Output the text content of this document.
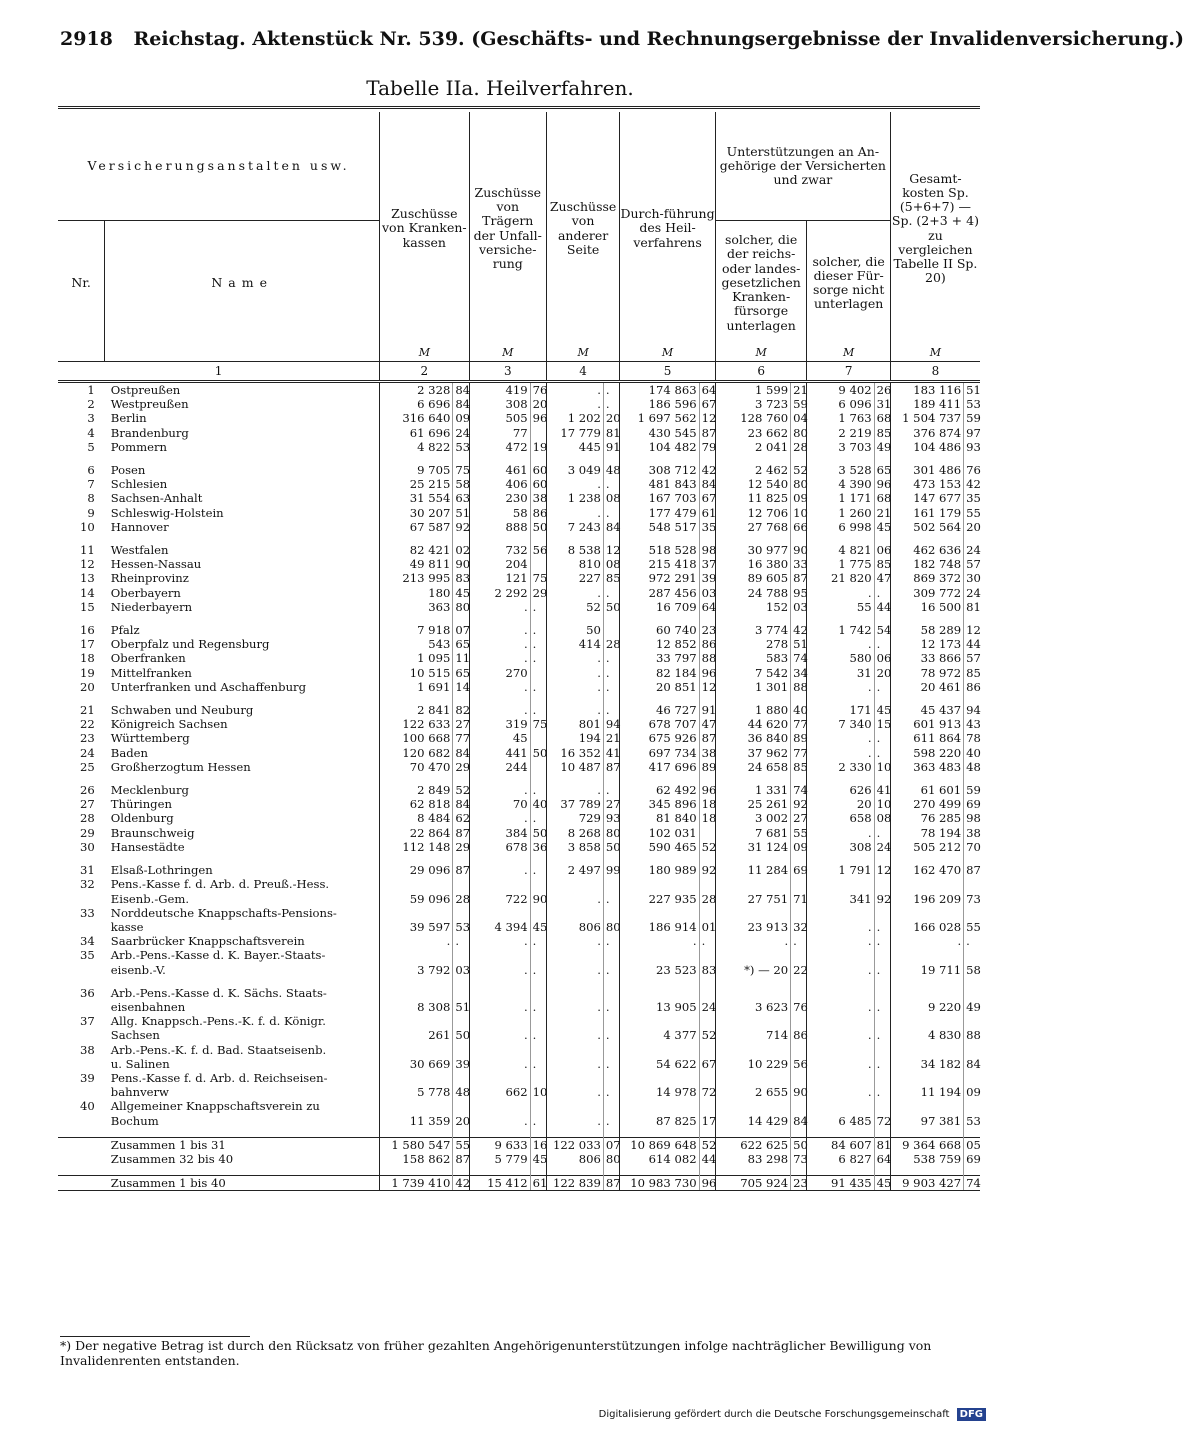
2918 Reichstag. Aktenstück Nr. 539. (Geschäfts- und Rechnungsergebnisse der Invalidenversicherung.)
Tabelle IIa. Heilverfahren.

Versicherungsanstalten usw.		Zuschüsse von Kranken-kassen		Zuschüsse von Trägern der Unfall-versiche-rung		Zuschüsse von anderer Seite		Durch-führung des Heil-verfahrens		Unterstützungen an An-gehörige der Versicherten und zwar				Gesamt-kosten Sp.(5+6+7) — Sp. (2+3 + 4) zu vergleichen Tabelle II Sp. 20)	
Nr.	Name									solcher, die der reichs- oder landes-gesetzlichen Kranken-fürsorge unterlagen		solcher, die dieser Für-sorge nicht unterlagen			
		M		M		M		M		M		M		M	
1		2		3		4		5		6		7		8	
1	Ostpreußen	2 328	84	419	76	.	.	174 863	64	1 599	21	9 402	26	183 116	51
2	Westpreußen	6 696	84	308	20	.	.	186 596	67	3 723	59	6 096	31	189 411	53
3	Berlin	316 640	09	505	96	1 202	20	1 697 562	12	128 760	04	1 763	68	1 504 737	59
4	Brandenburg	61 696	24	77		17 779	81	430 545	87	23 662	80	2 219	85	376 874	97
5	Pommern	4 822	53	472	19	445	91	104 482	79	2 041	28	3 703	49	104 486	93

6	Posen	9 705	75	461	60	3 049	48	308 712	42	2 462	52	3 528	65	301 486	76
7	Schlesien	25 215	58	406	60	.	.	481 843	84	12 540	80	4 390	96	473 153	42
8	Sachsen-Anhalt	31 554	63	230	38	1 238	08	167 703	67	11 825	09	1 171	68	147 677	35
9	Schleswig-Holstein	30 207	51	58	86	.	.	177 479	61	12 706	10	1 260	21	161 179	55
10	Hannover	67 587	92	888	50	7 243	84	548 517	35	27 768	66	6 998	45	502 564	20

11	Westfalen	82 421	02	732	56	8 538	12	518 528	98	30 977	90	4 821	06	462 636	24
12	Hessen-Nassau	49 811	90	204		810	08	215 418	37	16 380	33	1 775	85	182 748	57
13	Rheinprovinz	213 995	83	121	75	227	85	972 291	39	89 605	87	21 820	47	869 372	30
14	Oberbayern	180	45	2 292	29	.	.	287 456	03	24 788	95	.	.	309 772	24
15	Niederbayern	363	80	.	.	52	50	16 709	64	152	03	55	44	16 500	81

16	Pfalz	7 918	07	.	.	50		60 740	23	3 774	42	1 742	54	58 289	12
17	Oberpfalz und Regensburg	543	65	.	.	414	28	12 852	86	278	51	.	.	12 173	44
18	Oberfranken	1 095	11	.	.	.	.	33 797	88	583	74	580	06	33 866	57
19	Mittelfranken	10 515	65	270		.	.	82 184	96	7 542	34	31	20	78 972	85
20	Unterfranken und Aschaffenburg	1 691	14	.	.	.	.	20 851	12	1 301	88	.	.	20 461	86

21	Schwaben und Neuburg	2 841	82	.	.	.	.	46 727	91	1 880	40	171	45	45 437	94
22	Königreich Sachsen	122 633	27	319	75	801	94	678 707	47	44 620	77	7 340	15	601 913	43
23	Württemberg	100 668	77	45		194	21	675 926	87	36 840	89	.	.	611 864	78
24	Baden	120 682	84	441	50	16 352	41	697 734	38	37 962	77	.	.	598 220	40
25	Großherzogtum Hessen	70 470	29	244		10 487	87	417 696	89	24 658	85	2 330	10	363 483	48

26	Mecklenburg	2 849	52	.	.	.	.	62 492	96	1 331	74	626	41	61 601	59
27	Thüringen	62 818	84	70	40	37 789	27	345 896	18	25 261	92	20	10	270 499	69
28	Oldenburg	8 484	62	.	.	729	93	81 840	18	3 002	27	658	08	76 285	98
29	Braunschweig	22 864	87	384	50	8 268	80	102 031		7 681	55	.	.	78 194	38
30	Hansestädte	112 148	29	678	36	3 858	50	590 465	52	31 124	09	308	24	505 212	70

31	Elsaß-Lothringen	29 096	87	.	.	2 497	99	180 989	92	11 284	69	1 791	12	162 470	87
32	Pens.-Kasse f. d. Arb. d. Preuß.-Hess.														
	Eisenb.-Gem.	59 096	28	722	90	.	.	227 935	28	27 751	71	341	92	196 209	73
33	Norddeutsche Knappschafts-Pensions-														
	kasse	39 597	53	4 394	45	806	80	186 914	01	23 913	32	.	.	166 028	55
34	Saarbrücker Knappschaftsverein	.	.	.	.	.	.	.	.	.	.	.	.	.	.
35	Arb.-Pens.-Kasse d. K. Bayer.-Staats-														
	eisenb.-V.	3 792	03	.	.	.	.	23 523	83	*) — 20	22	.	.	19 711	58

36	Arb.-Pens.-Kasse d. K. Sächs. Staats-														
	eisenbahnen	8 308	51	.	.	.	.	13 905	24	3 623	76	.	.	9 220	49
37	Allg. Knappsch.-Pens.-K. f. d. Königr.														
	Sachsen	261	50	.	.	.	.	4 377	52	714	86	.	.	4 830	88
38	Arb.-Pens.-K. f. d. Bad. Staatseisenb.														
	u. Salinen	30 669	39	.	.	.	.	54 622	67	10 229	56	.	.	34 182	84
39	Pens.-Kasse f. d. Arb. d. Reichseisen-														
	bahnverw	5 778	48	662	10	.	.	14 978	72	2 655	90	.	.	11 194	09
40	Allgemeiner Knappschaftsverein zu														
	Bochum	11 359	20	.	.	.	.	87 825	17	14 429	84	6 485	72	97 381	53

	Zusammen 1 bis 31	1 580 547	55	9 633	16	122 033	07	10 869 648	52	622 625	50	84 607	81	9 364 668	05
	Zusammen 32 bis 40	158 862	87	5 779	45	806	80	614 082	44	83 298	73	6 827	64	538 759	69

	Zusammen 1 bis 40	1 739 410	42	15 412	61	122 839	87	10 983 730	96	705 924	23	91 435	45	9 903 427	74
*) Der negative Betrag ist durch den Rücksatz von früher gezahlten Angehörigenunterstützungen infolge nachträglicher Bewilligung von Invalidenrenten entstanden.
Digitalisierung gefördert durch die Deutsche Forschungsgemeinschaft DFG
